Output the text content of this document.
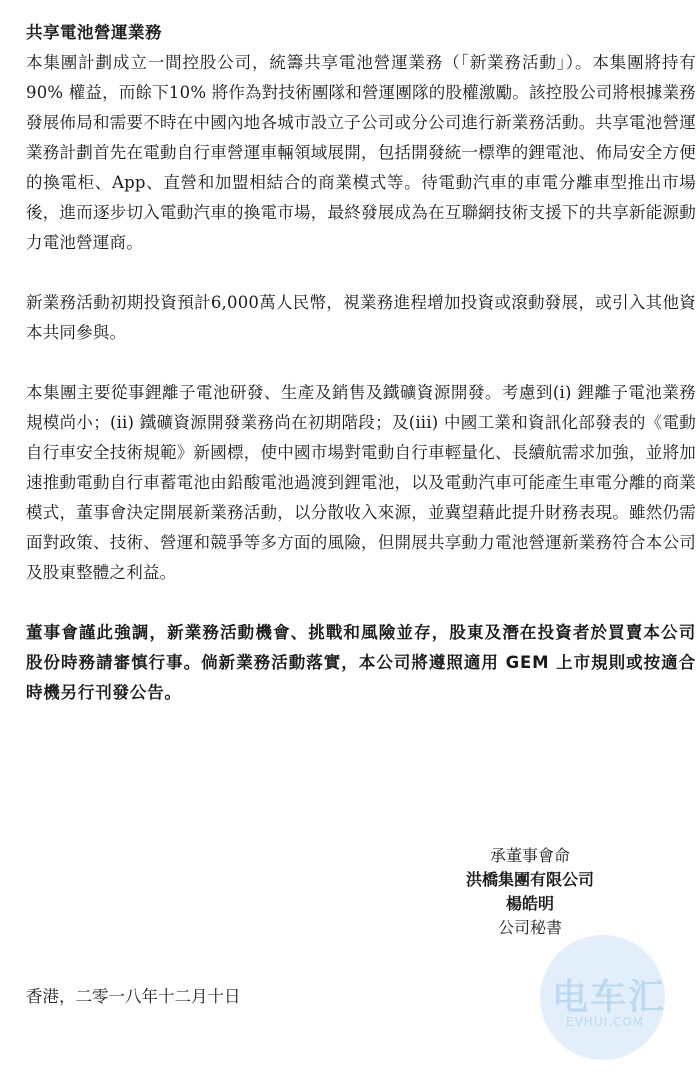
共享電池營運業務

本集團計劃成立一間控股公司，統籌共享電池營運業務（「新業務活動」）。本集團將持有90% 權益，而餘下10% 將作為對技術團隊和營運團隊的股權激勵。該控股公司將根據業務發展佈局和需要不時在中國內地各城市設立子公司或分公司進行新業務活動。共享電池營運業務計劃首先在電動自行車營運車輛領域展開，包括開發統一標準的鋰電池、佈局安全方便的換電柜、App、直營和加盟相結合的商業模式等。待電動汽車的車電分離車型推出市場後，進而逐步切入電動汽車的換電市場，最終發展成為在互聯網技術支援下的共享新能源動力電池營運商。

新業務活動初期投資預計6,000萬人民幣，視業務進程增加投資或滾動發展，或引入其他資本共同參與。

本集團主要從事鋰離子電池研發、生產及銷售及鐵礦資源開發。考慮到(i) 鋰離子電池業務規模尚小；(ii) 鐵礦資源開發業務尚在初期階段；及(iii) 中國工業和資訊化部發表的《電動自行車安全技術規範》新國標，使中國市場對電動自行車輕量化、長續航需求加強，並將加速推動電動自行車蓄電池由鉛酸電池過渡到鋰電池，以及電動汽車可能產生車電分離的商業模式，董事會決定開展新業務活動，以分散收入來源，並冀望藉此提升財務表現。雖然仍需面對政策、技術、營運和競爭等多方面的風險，但開展共享動力電池營運新業務符合本公司及股東整體之利益。

董事會謹此強調，新業務活動機會、挑戰和風險並存，股東及潛在投資者於買賣本公司股份時務請審慎行事。倘新業務活動落實，本公司將遵照適用 GEM 上市規則或按適合時機另行刊發公告。

承董事會命
洪橋集團有限公司
楊皓明
公司秘書
香港，二零一八年十二月十日	电车汇
EVHUI.COM
